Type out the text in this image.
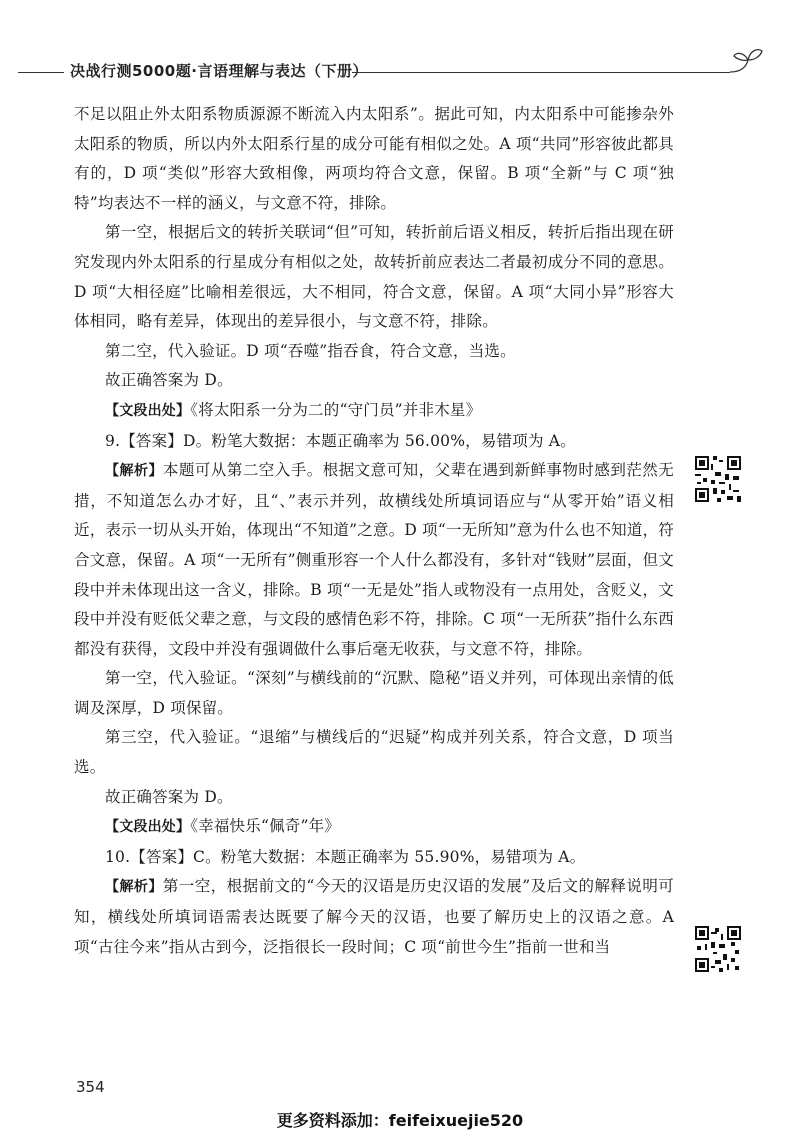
决战行测5000题·言语理解与表达（下册）

不足以阻止外太阳系物质源源不断流入内太阳系”。据此可知，内太阳系中可能掺杂外太阳系的物质，所以内外太阳系行星的成分可能有相似之处。A 项“共同”形容彼此都具有的，D 项“类似”形容大致相像，两项均符合文意，保留。B 项“全新”与 C 项“独特”均表达不一样的涵义，与文意不符，排除。

第一空，根据后文的转折关联词“但”可知，转折前后语义相反，转折后指出现在研究发现内外太阳系的行星成分有相似之处，故转折前应表达二者最初成分不同的意思。D 项“大相径庭”比喻相差很远，大不相同，符合文意，保留。A 项“大同小异”形容大体相同，略有差异，体现出的差异很小，与文意不符，排除。

第二空，代入验证。D 项“吞噬”指吞食，符合文意，当选。

故正确答案为 D。

【文段出处】《将太阳系一分为二的“守门员”并非木星》

9.【答案】D。粉笔大数据：本题正确率为 56.00%，易错项为 A。

【解析】本题可从第二空入手。根据文意可知，父辈在遇到新鲜事物时感到茫然无措，不知道怎么办才好，且“、”表示并列，故横线处所填词语应与“从零开始”语义相近，表示一切从头开始，体现出“不知道”之意。D 项“一无所知”意为什么也不知道，符合文意，保留。A 项“一无所有”侧重形容一个人什么都没有，多针对“钱财”层面，但文段中并未体现出这一含义，排除。B 项“一无是处”指人或物没有一点用处，含贬义，文段中并没有贬低父辈之意，与文段的感情色彩不符，排除。C 项“一无所获”指什么东西都没有获得，文段中并没有强调做什么事后毫无收获，与文意不符，排除。

第一空，代入验证。“深刻”与横线前的“沉默、隐秘”语义并列，可体现出亲情的低调及深厚，D 项保留。

第三空，代入验证。“退缩”与横线后的“迟疑”构成并列关系，符合文意，D 项当选。

故正确答案为 D。

【文段出处】《幸福快乐“佩奇”年》

10.【答案】C。粉笔大数据：本题正确率为 55.90%，易错项为 A。

【解析】第一空，根据前文的“今天的汉语是历史汉语的发展”及后文的解释说明可知，横线处所填词语需表达既要了解今天的汉语，也要了解历史上的汉语之意。A 项“古往今来”指从古到今，泛指很长一段时间；C 项“前世今生”指前一世和当

354
更多资料添加：feifeixuejie520
